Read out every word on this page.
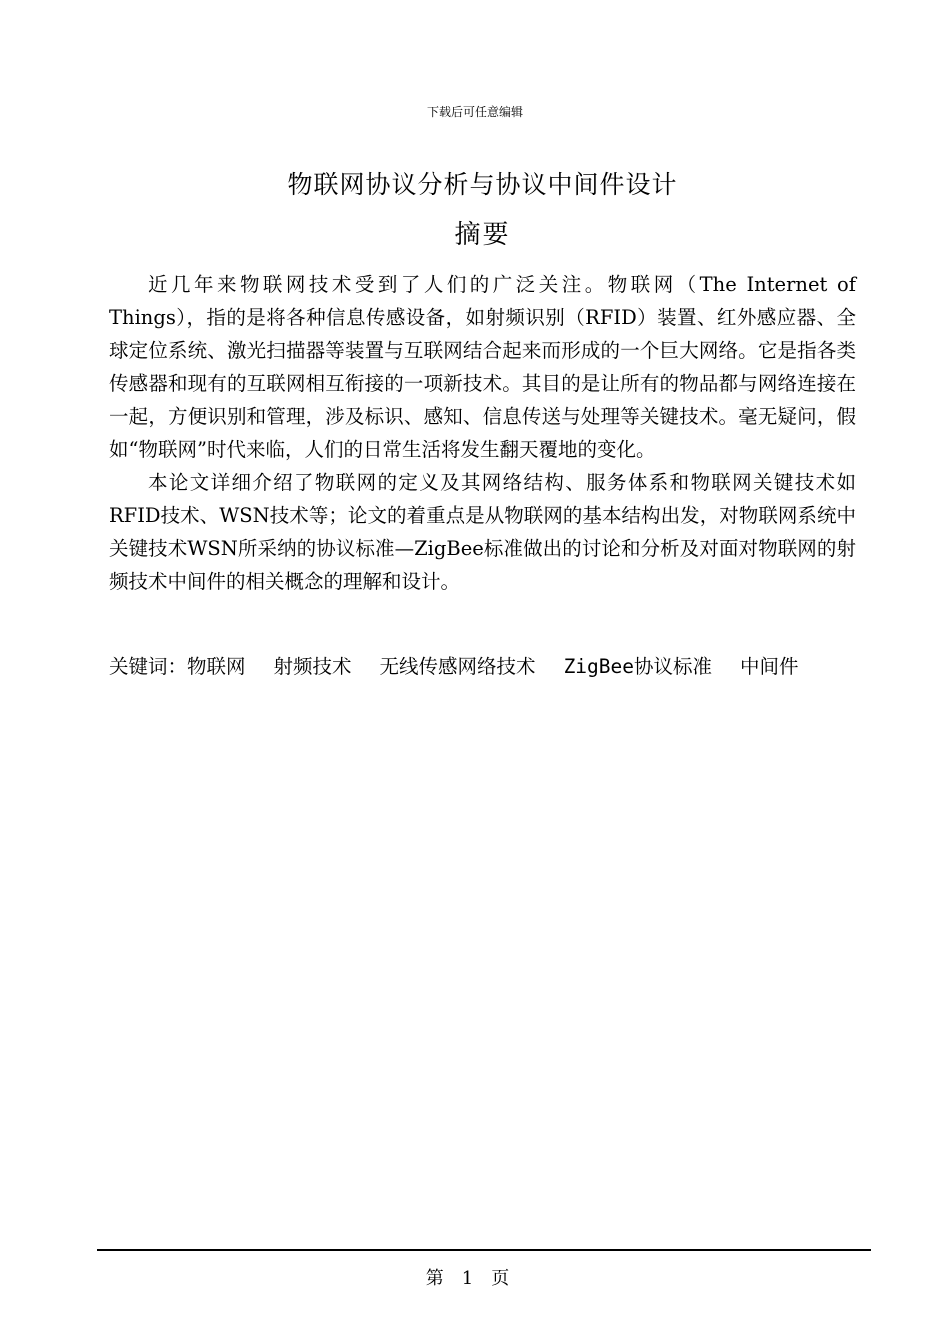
下载后可任意编辑
物联网协议分析与协议中间件设计
摘要

近几年来物联网技术受到了人们的广泛关注。物联网（The Internet of Things），指的是将各种信息传感设备，如射频识别（RFID）装置、红外感应器、全球定位系统、激光扫描器等装置与互联网结合起来而形成的一个巨大网络。它是指各类传感器和现有的互联网相互衔接的一项新技术。其目的是让所有的物品都与网络连接在一起，方便识别和管理，涉及标识、感知、信息传送与处理等关键技术。毫无疑问，假如“物联网”时代来临，人们的日常生活将发生翻天覆地的变化。

本论文详细介绍了物联网的定义及其网络结构、服务体系和物联网关键技术如RFID技术、WSN技术等；论文的着重点是从物联网的基本结构出发，对物联网系统中关键技术WSN所采纳的协议标准—ZigBee标准做出的讨论和分析及对面对物联网的射频技术中间件的相关概念的理解和设计。

关键词：物联网 射频技术 无线传感网络技术 ZigBee协议标准 中间件
第 1 页
